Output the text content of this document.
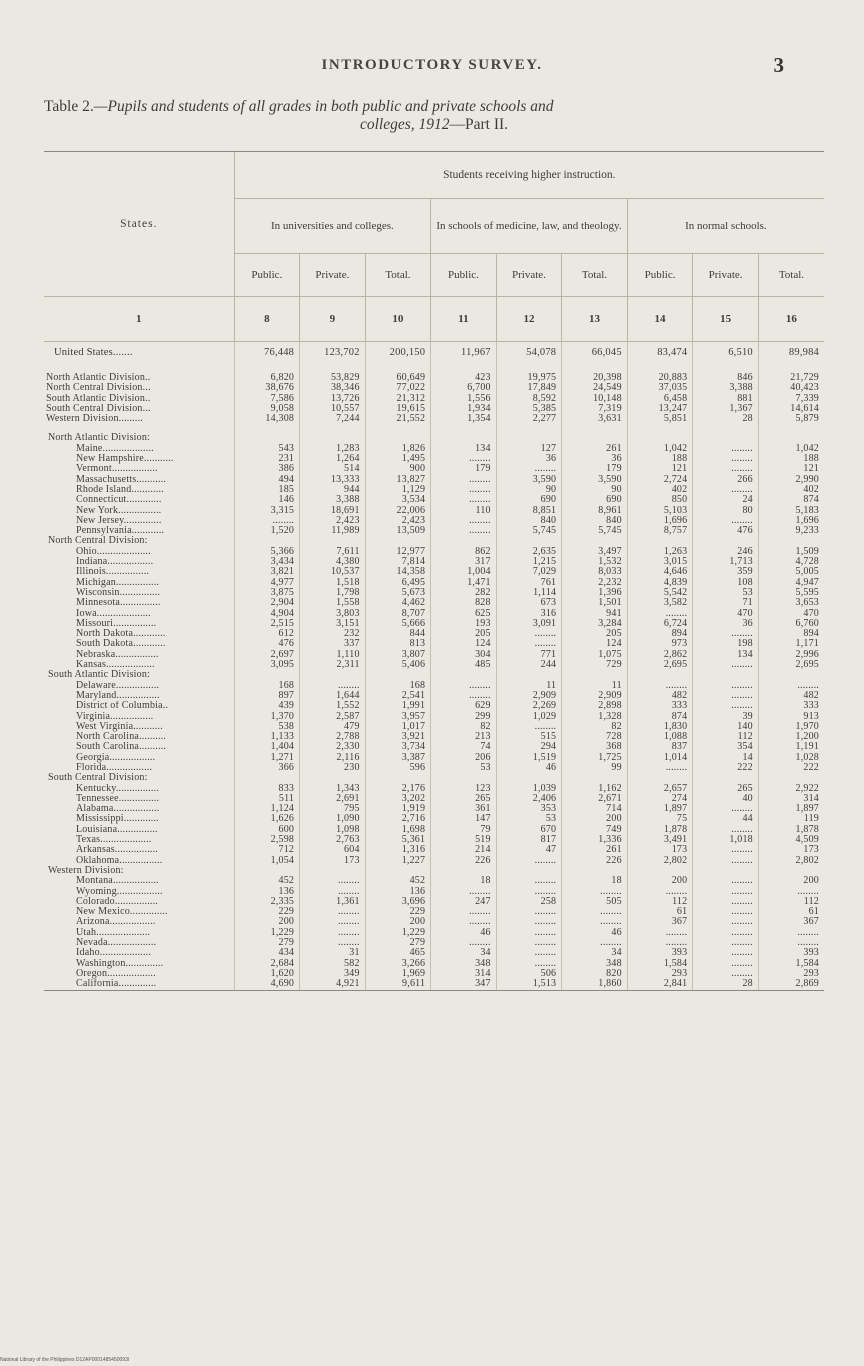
INTRODUCTORY SURVEY.	3
Table 2.—Pupils and students of all grades in both public and private schools and
colleges, 1912—Part II.
States.	Students receiving higher instruction.								
	In universities and colleges.			In schools of medicine, law, and theology.			In normal schools.		
	Public.	Private.	Total.	Public.	Private.	Total.	Public.	Private.	Total.
1	8	9	10	11	12	13	14	15	16
United States.......	76,448	123,702	200,150	11,967	54,078	66,045	83,474	6,510	89,984

North Atlantic Division..	6,820	53,829	60,649	423	19,975	20,398	20,883	846	21,729
North Central Division...	38,676	38,346	77,022	6,700	17,849	24,549	37,035	3,388	40,423
South Atlantic Division..	7,586	13,726	21,312	1,556	8,592	10,148	6,458	881	7,339
South Central Division...	9,058	10,557	19,615	1,934	5,385	7,319	13,247	1,367	14,614
Western Division.........	14,308	7,244	21,552	1,354	2,277	3,631	5,851	28	5,879

North Atlantic Division:									
Maine...................	543	1,283	1,826	134	127	261	1,042	........	1,042
New Hampshire...........	231	1,264	1,495	........	36	36	188	........	188
Vermont.................	386	514	900	179	........	179	121	........	121
Massachusetts...........	494	13,333	13,827	........	3,590	3,590	2,724	266	2,990
Rhode Island............	185	944	1,129	........	90	90	402	........	402
Connecticut.............	146	3,388	3,534	........	690	690	850	24	874
New York................	3,315	18,691	22,006	110	8,851	8,961	5,103	80	5,183
New Jersey..............	........	2,423	2,423	........	840	840	1,696	........	1,696
Pennsylvania............	1,520	11,989	13,509	........	5,745	5,745	8,757	476	9,233
North Central Division:									
Ohio....................	5,366	7,611	12,977	862	2,635	3,497	1,263	246	1,509
Indiana.................	3,434	4,380	7,814	317	1,215	1,532	3,015	1,713	4,728
Illinois................	3,821	10,537	14,358	1,004	7,029	8,033	4,646	359	5,005
Michigan................	4,977	1,518	6,495	1,471	761	2,232	4,839	108	4,947
Wisconsin...............	3,875	1,798	5,673	282	1,114	1,396	5,542	53	5,595
Minnesota...............	2,904	1,558	4,462	828	673	1,501	3,582	71	3,653
Iowa....................	4,904	3,803	8,707	625	316	941	........	470	470
Missouri................	2,515	3,151	5,666	193	3,091	3,284	6,724	36	6,760
North Dakota............	612	232	844	205	........	205	894	........	894
South Dakota............	476	337	813	124	........	124	973	198	1,171
Nebraska................	2,697	1,110	3,807	304	771	1,075	2,862	134	2,996
Kansas..................	3,095	2,311	5,406	485	244	729	2,695	........	2,695
South Atlantic Division:									
Delaware................	168	........	168	........	11	11	........	........	........
Maryland................	897	1,644	2,541	........	2,909	2,909	482	........	482
District of Columbia..	439	1,552	1,991	629	2,269	2,898	333	........	333
Virginia................	1,370	2,587	3,957	299	1,029	1,328	874	39	913
West Virginia...........	538	479	1,017	82	........	82	1,830	140	1,970
North Carolina..........	1,133	2,788	3,921	213	515	728	1,088	112	1,200
South Carolina..........	1,404	2,330	3,734	74	294	368	837	354	1,191
Georgia.................	1,271	2,116	3,387	206	1,519	1,725	1,014	14	1,028
Florida.................	366	230	596	53	46	99	........	222	222
South Central Division:									
Kentucky................	833	1,343	2,176	123	1,039	1,162	2,657	265	2,922
Tennessee...............	511	2,691	3,202	265	2,406	2,671	274	40	314
Alabama.................	1,124	795	1,919	361	353	714	1,897	........	1,897
Mississippi.............	1,626	1,090	2,716	147	53	200	75	44	119
Louisiana...............	600	1,098	1,698	79	670	749	1,878	........	1,878
Texas...................	2,598	2,763	5,361	519	817	1,336	3,491	1,018	4,509
Arkansas................	712	604	1,316	214	47	261	173	........	173
Oklahoma................	1,054	173	1,227	226	........	226	2,802	........	2,802
Western Division:									
Montana.................	452	........	452	18	........	18	200	........	200
Wyoming.................	136	........	136	........	........	........	........	........	........
Colorado................	2,335	1,361	3,696	247	258	505	112	........	112
New Mexico..............	229	........	229	........	........	........	61	........	61
Arizona.................	200	........	200	........	........	........	367	........	367
Utah....................	1,229	........	1,229	46	........	46	........	........	........
Nevada..................	279	........	279	........	........	........	........	........	........
Idaho...................	434	31	465	34	........	34	393	........	393
Washington..............	2,684	582	3,266	348	........	348	1,584	........	1,584
Oregon..................	1,620	349	1,969	314	506	820	293	........	293
California..............	4,690	4,921	9,611	347	1,513	1,860	2,841	28	2,869
National Library of the Philippines D12AP0001485450093l
